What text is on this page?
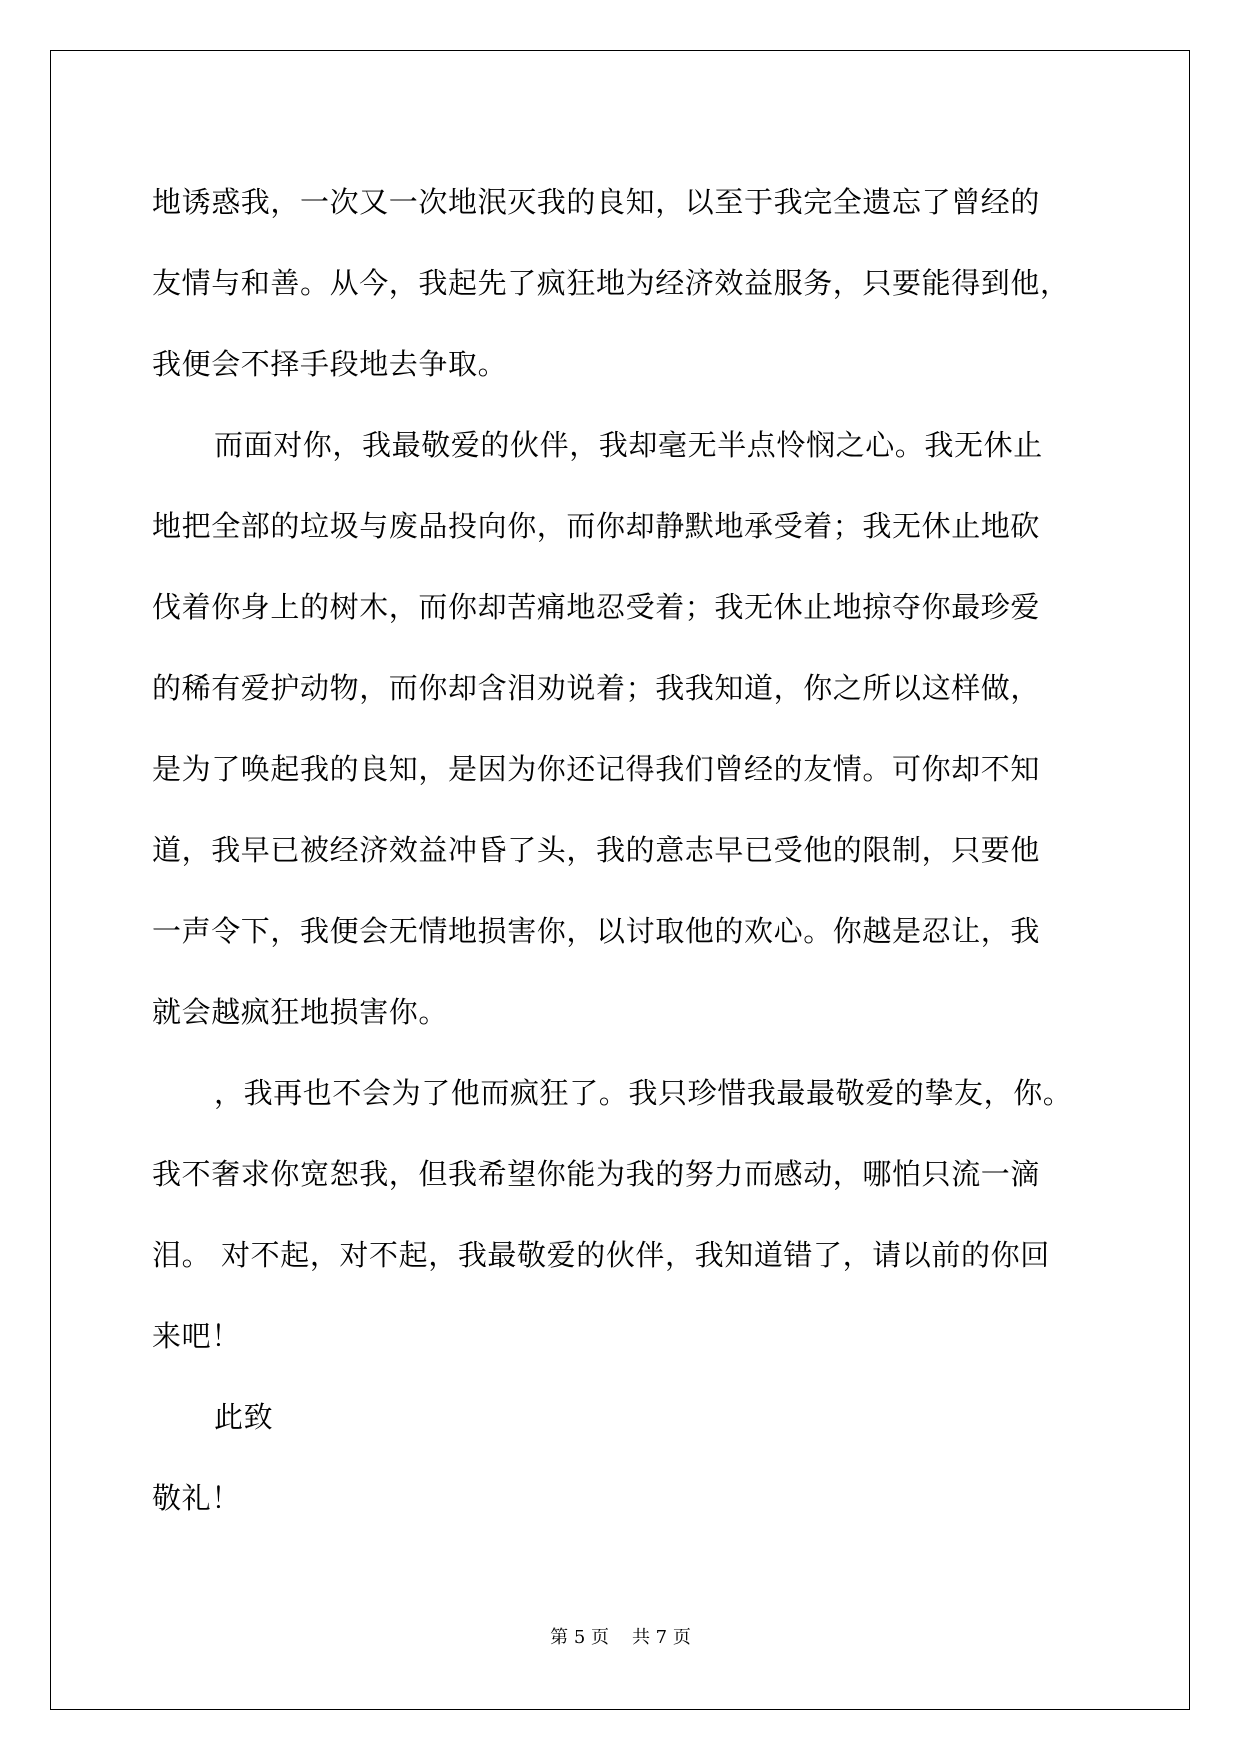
地诱惑我，一次又一次地泯灭我的良知，以至于我完全遗忘了曾经的
友情与和善。从今，我起先了疯狂地为经济效益服务，只要能得到他，
我便会不择手段地去争取。
而面对你，我最敬爱的伙伴，我却毫无半点怜悯之心。我无休止
地把全部的垃圾与废品投向你，而你却静默地承受着；我无休止地砍
伐着你身上的树木，而你却苦痛地忍受着；我无休止地掠夺你最珍爱
的稀有爱护动物，而你却含泪劝说着；我我知道，你之所以这样做，
是为了唤起我的良知，是因为你还记得我们曾经的友情。可你却不知
道，我早已被经济效益冲昏了头，我的意志早已受他的限制，只要他
一声令下，我便会无情地损害你，以讨取他的欢心。你越是忍让，我
就会越疯狂地损害你。
，我再也不会为了他而疯狂了。我只珍惜我最最敬爱的挚友，你。
我不奢求你宽恕我，但我希望你能为我的努力而感动，哪怕只流一滴
泪。 对不起，对不起，我最敬爱的伙伴，我知道错了，请以前的你回
来吧！
此致
敬礼！
第 5 页 共 7 页
